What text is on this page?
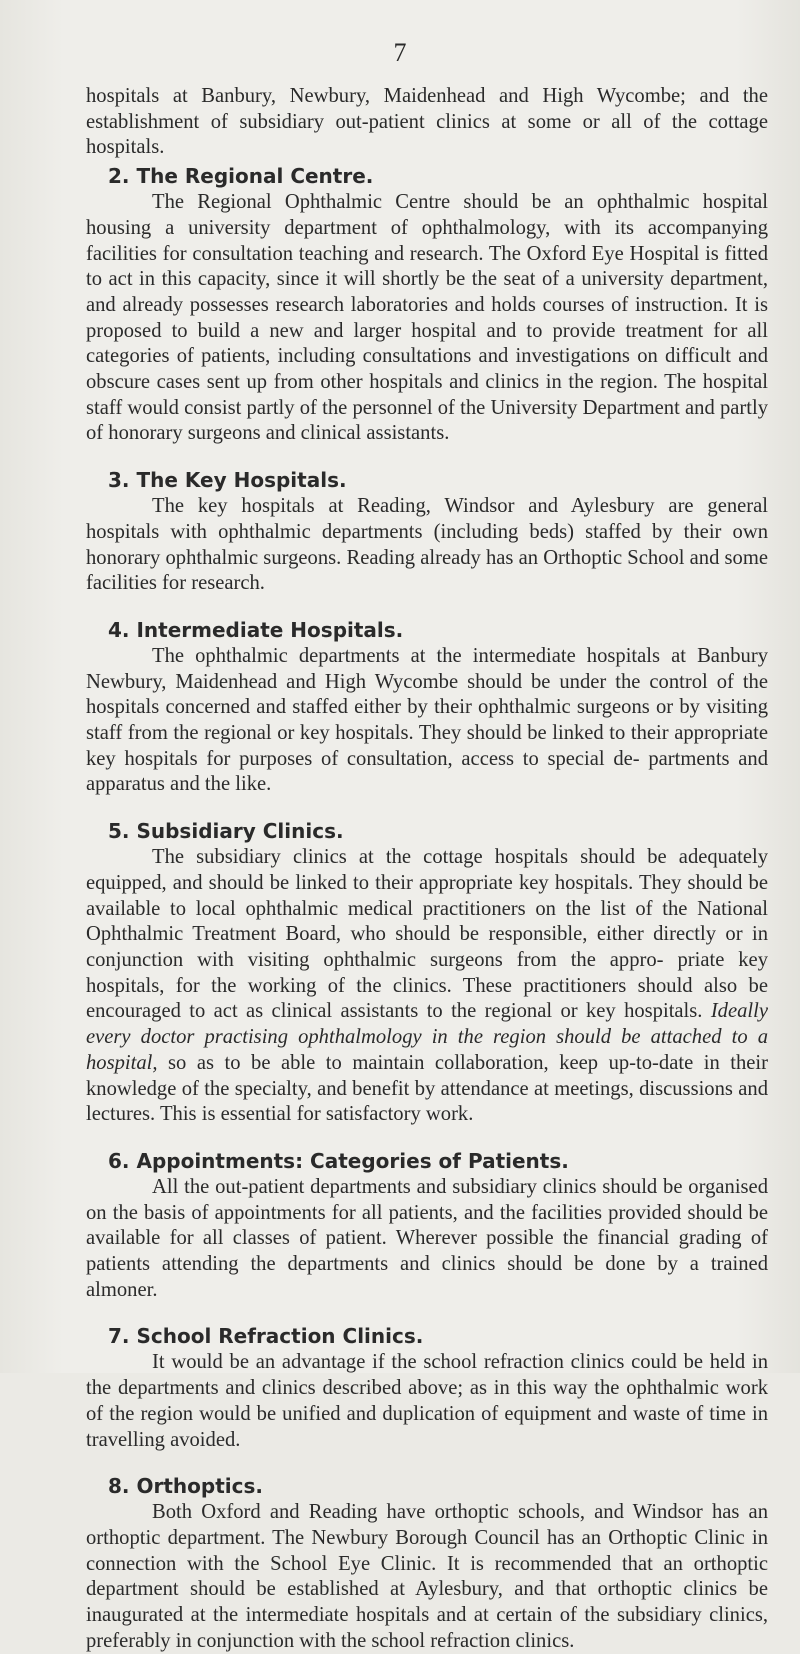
7

hospitals at Banbury, Newbury, Maidenhead and High Wycombe; and the establishment of subsidiary out-patient clinics at some or all of the cottage hospitals.

2. The Regional Centre.

The Regional Ophthalmic Centre should be an ophthalmic hospital housing a university department of ophthalmology, with its accompanying facilities for consultation teaching and research. The Oxford Eye Hospital is fitted to act in this capacity, since it will shortly be the seat of a university department, and already possesses research laboratories and holds courses of instruction. It is proposed to build a new and larger hospital and to provide treatment for all categories of patients, including consultations and investigations on difficult and obscure cases sent up from other hospitals and clinics in the region. The hospital staff would consist partly of the personnel of the University Department and partly of honorary surgeons and clinical assistants.

3. The Key Hospitals.

The key hospitals at Reading, Windsor and Aylesbury are general hospitals with ophthalmic departments (including beds) staffed by their own honorary ophthalmic surgeons. Reading already has an Orthoptic School and some facilities for research.

4. Intermediate Hospitals.

The ophthalmic departments at the intermediate hospitals at Banbury Newbury, Maidenhead and High Wycombe should be under the control of the hospitals concerned and staffed either by their ophthalmic surgeons or by visiting staff from the regional or key hospitals. They should be linked to their appropriate key hospitals for purposes of consultation, access to special de- partments and apparatus and the like.

5. Subsidiary Clinics.

The subsidiary clinics at the cottage hospitals should be adequately equipped, and should be linked to their appropriate key hospitals. They should be available to local ophthalmic medical practitioners on the list of the National Ophthalmic Treatment Board, who should be responsible, either directly or in conjunction with visiting ophthalmic surgeons from the appro- priate key hospitals, for the working of the clinics. These practitioners should also be encouraged to act as clinical assistants to the regional or key hospitals. Ideally every doctor practising ophthalmology in the region should be attached to a hospital, so as to be able to maintain collaboration, keep up-to-date in their knowledge of the specialty, and benefit by attendance at meetings, discussions and lectures. This is essential for satisfactory work.

6. Appointments: Categories of Patients.

All the out-patient departments and subsidiary clinics should be organised on the basis of appointments for all patients, and the facilities provided should be available for all classes of patient. Wherever possible the financial grading of patients attending the departments and clinics should be done by a trained almoner.

7. School Refraction Clinics.

It would be an advantage if the school refraction clinics could be held in the departments and clinics described above; as in this way the ophthalmic work of the region would be unified and duplication of equipment and waste of time in travelling avoided.

8. Orthoptics.

Both Oxford and Reading have orthoptic schools, and Windsor has an orthoptic department. The Newbury Borough Council has an Orthoptic Clinic in connection with the School Eye Clinic. It is recommended that an orthoptic department should be established at Aylesbury, and that orthoptic clinics be inaugurated at the intermediate hospitals and at certain of the subsidiary clinics, preferably in conjunction with the school refraction clinics.
